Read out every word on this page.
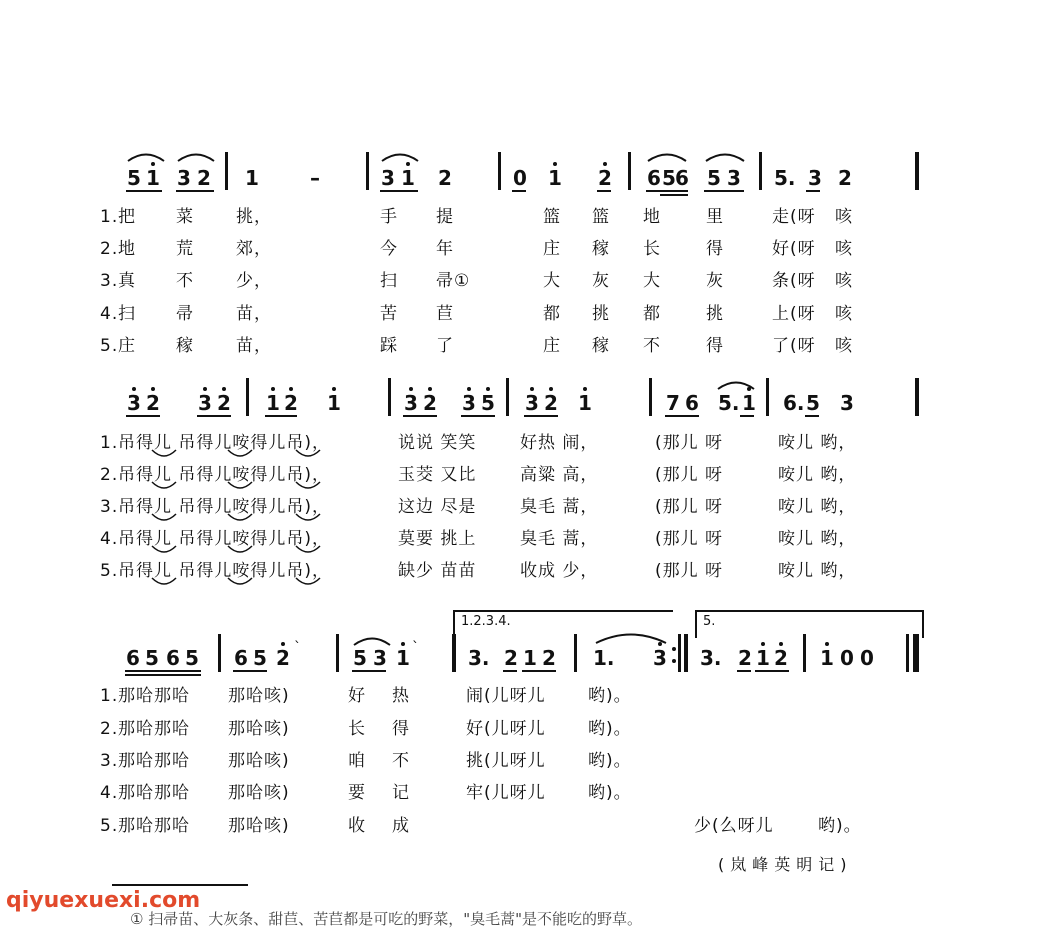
5 1 3 2 1	–	3 1 2	0 1 2 6 5 6 5 3 5. 3 2
1. 把 菜 挑，	手 提	篮 篮 地	里	走(呀 咳
2. 地 荒 郊，	今 年	庄 稼 长	得	好(呀 咳
3. 真 不 少，	扫 帚①	大 灰 大	灰	条(呀 咳
4. 扫 帚 苗，	苦 苣	都 挑 都	挑	上(呀 咳
5. 庄 稼 苗，	踩 了	庄 稼 不	得	了(呀 咳
3 2 3 2 1 2 1	3 2 3 5 3 2 1	7 6 5. 1 6. 5 3
1. 吊得儿 吊得儿咹得儿吊)，	说说 笑笑	好热 闹，	(那儿 呀	咹儿 哟，
2. 吊得儿 吊得儿咹得儿吊)，	玉茭 又比	高粱 高，	(那儿 呀	咹儿 哟，
3. 吊得儿 吊得儿咹得儿吊)，	这边 尽是	臭毛 蒿，	(那儿 呀	咹儿 哟，
4. 吊得儿 吊得儿咹得儿吊)，	莫要 挑上	臭毛 蒿，	(那儿 呀	咹儿 哟，
5. 吊得儿 吊得儿咹得儿吊)，	缺少 苗苗	收成 少，	(那儿 呀	咹儿 哟，
1.2.3.4.	5.
6 5 6 5 6 5 2 `	5 3 1 ` 3. 2 1 2 1. 3 3. 2 1 2 1 0 0
1. 那哈那哈 那哈咳)	好 热	闹(儿呀儿 哟)。
2. 那哈那哈 那哈咳)	长 得	好(儿呀儿 哟)。
3. 那哈那哈 那哈咳)	咱 不	挑(儿呀儿 哟)。
4. 那哈那哈 那哈咳)	要 记	牢(儿呀儿 哟)。
5. 那哈那哈 那哈咳)	收 成	少(么呀儿	哟)。
(岚峰英明记)
① 扫帚苗、大灰条、甜苣、苦苣都是可吃的野菜，"臭毛蒿"是不能吃的野草。
qiyuexuexi.com
